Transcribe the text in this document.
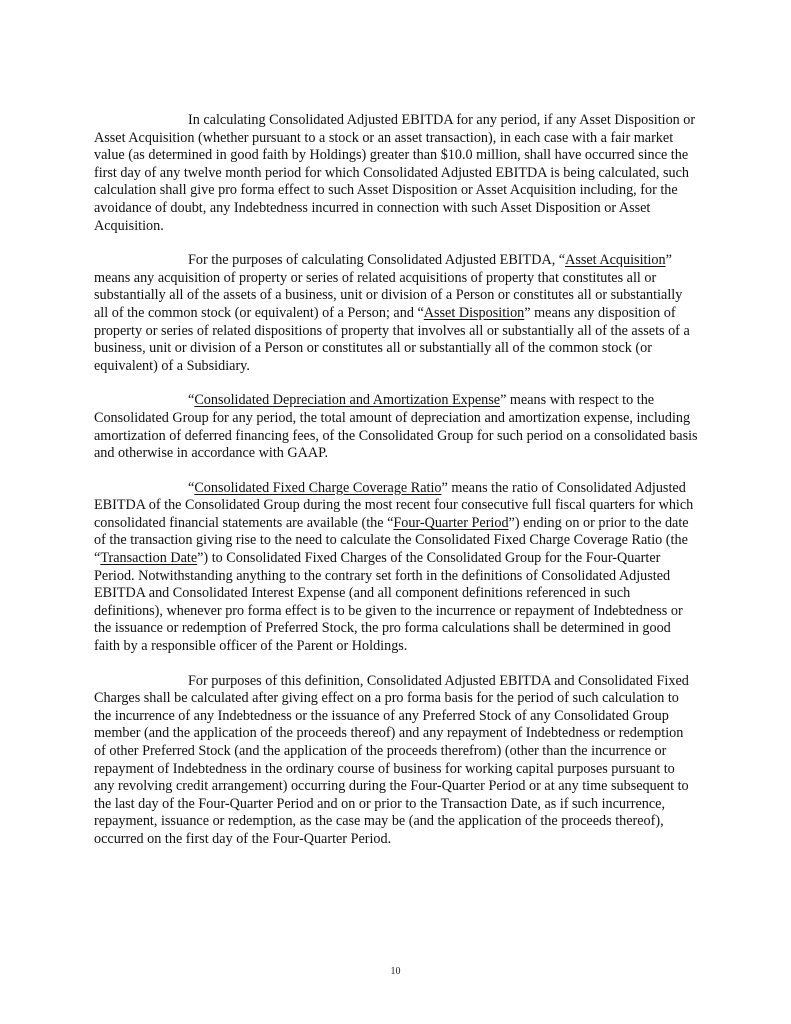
In calculating Consolidated Adjusted EBITDA for any period, if any Asset Disposition or Asset Acquisition (whether pursuant to a stock or an asset transaction), in each case with a fair market value (as determined in good faith by Holdings) greater than $10.0 million, shall have occurred since the first day of any twelve month period for which Consolidated Adjusted EBITDA is being calculated, such calculation shall give pro forma effect to such Asset Disposition or Asset Acquisition including, for the avoidance of doubt, any Indebtedness incurred in connection with such Asset Disposition or Asset Acquisition.

For the purposes of calculating Consolidated Adjusted EBITDA, “Asset Acquisition” means any acquisition of property or series of related acquisitions of property that constitutes all or substantially all of the assets of a business, unit or division of a Person or constitutes all or substantially all of the common stock (or equivalent) of a Person; and “Asset Disposition” means any disposition of property or series of related dispositions of property that involves all or substantially all of the assets of a business, unit or division of a Person or constitutes all or substantially all of the common stock (or equivalent) of a Subsidiary.

“Consolidated Depreciation and Amortization Expense” means with respect to the Consolidated Group for any period, the total amount of depreciation and amortization expense, including amortization of deferred financing fees, of the Consolidated Group for such period on a consolidated basis and otherwise in accordance with GAAP.

“Consolidated Fixed Charge Coverage Ratio” means the ratio of Consolidated Adjusted EBITDA of the Consolidated Group during the most recent four consecutive full fiscal quarters for which consolidated financial statements are available (the “Four-Quarter Period”) ending on or prior to the date of the transaction giving rise to the need to calculate the Consolidated Fixed Charge Coverage Ratio (the “Transaction Date”) to Consolidated Fixed Charges of the Consolidated Group for the Four-Quarter Period. Notwithstanding anything to the contrary set forth in the definitions of Consolidated Adjusted EBITDA and Consolidated Interest Expense (and all component definitions referenced in such definitions), whenever pro forma effect is to be given to the incurrence or repayment of Indebtedness or the issuance or redemption of Preferred Stock, the pro forma calculations shall be determined in good faith by a responsible officer of the Parent or Holdings.

For purposes of this definition, Consolidated Adjusted EBITDA and Consolidated Fixed Charges shall be calculated after giving effect on a pro forma basis for the period of such calculation to the incurrence of any Indebtedness or the issuance of any Preferred Stock of any Consolidated Group member (and the application of the proceeds thereof) and any repayment of Indebtedness or redemption of other Preferred Stock (and the application of the proceeds therefrom) (other than the incurrence or repayment of Indebtedness in the ordinary course of business for working capital purposes pursuant to any revolving credit arrangement) occurring during the Four-Quarter Period or at any time subsequent to the last day of the Four-Quarter Period and on or prior to the Transaction Date, as if such incurrence, repayment, issuance or redemption, as the case may be (and the application of the proceeds thereof), occurred on the first day of the Four-Quarter Period.

10
